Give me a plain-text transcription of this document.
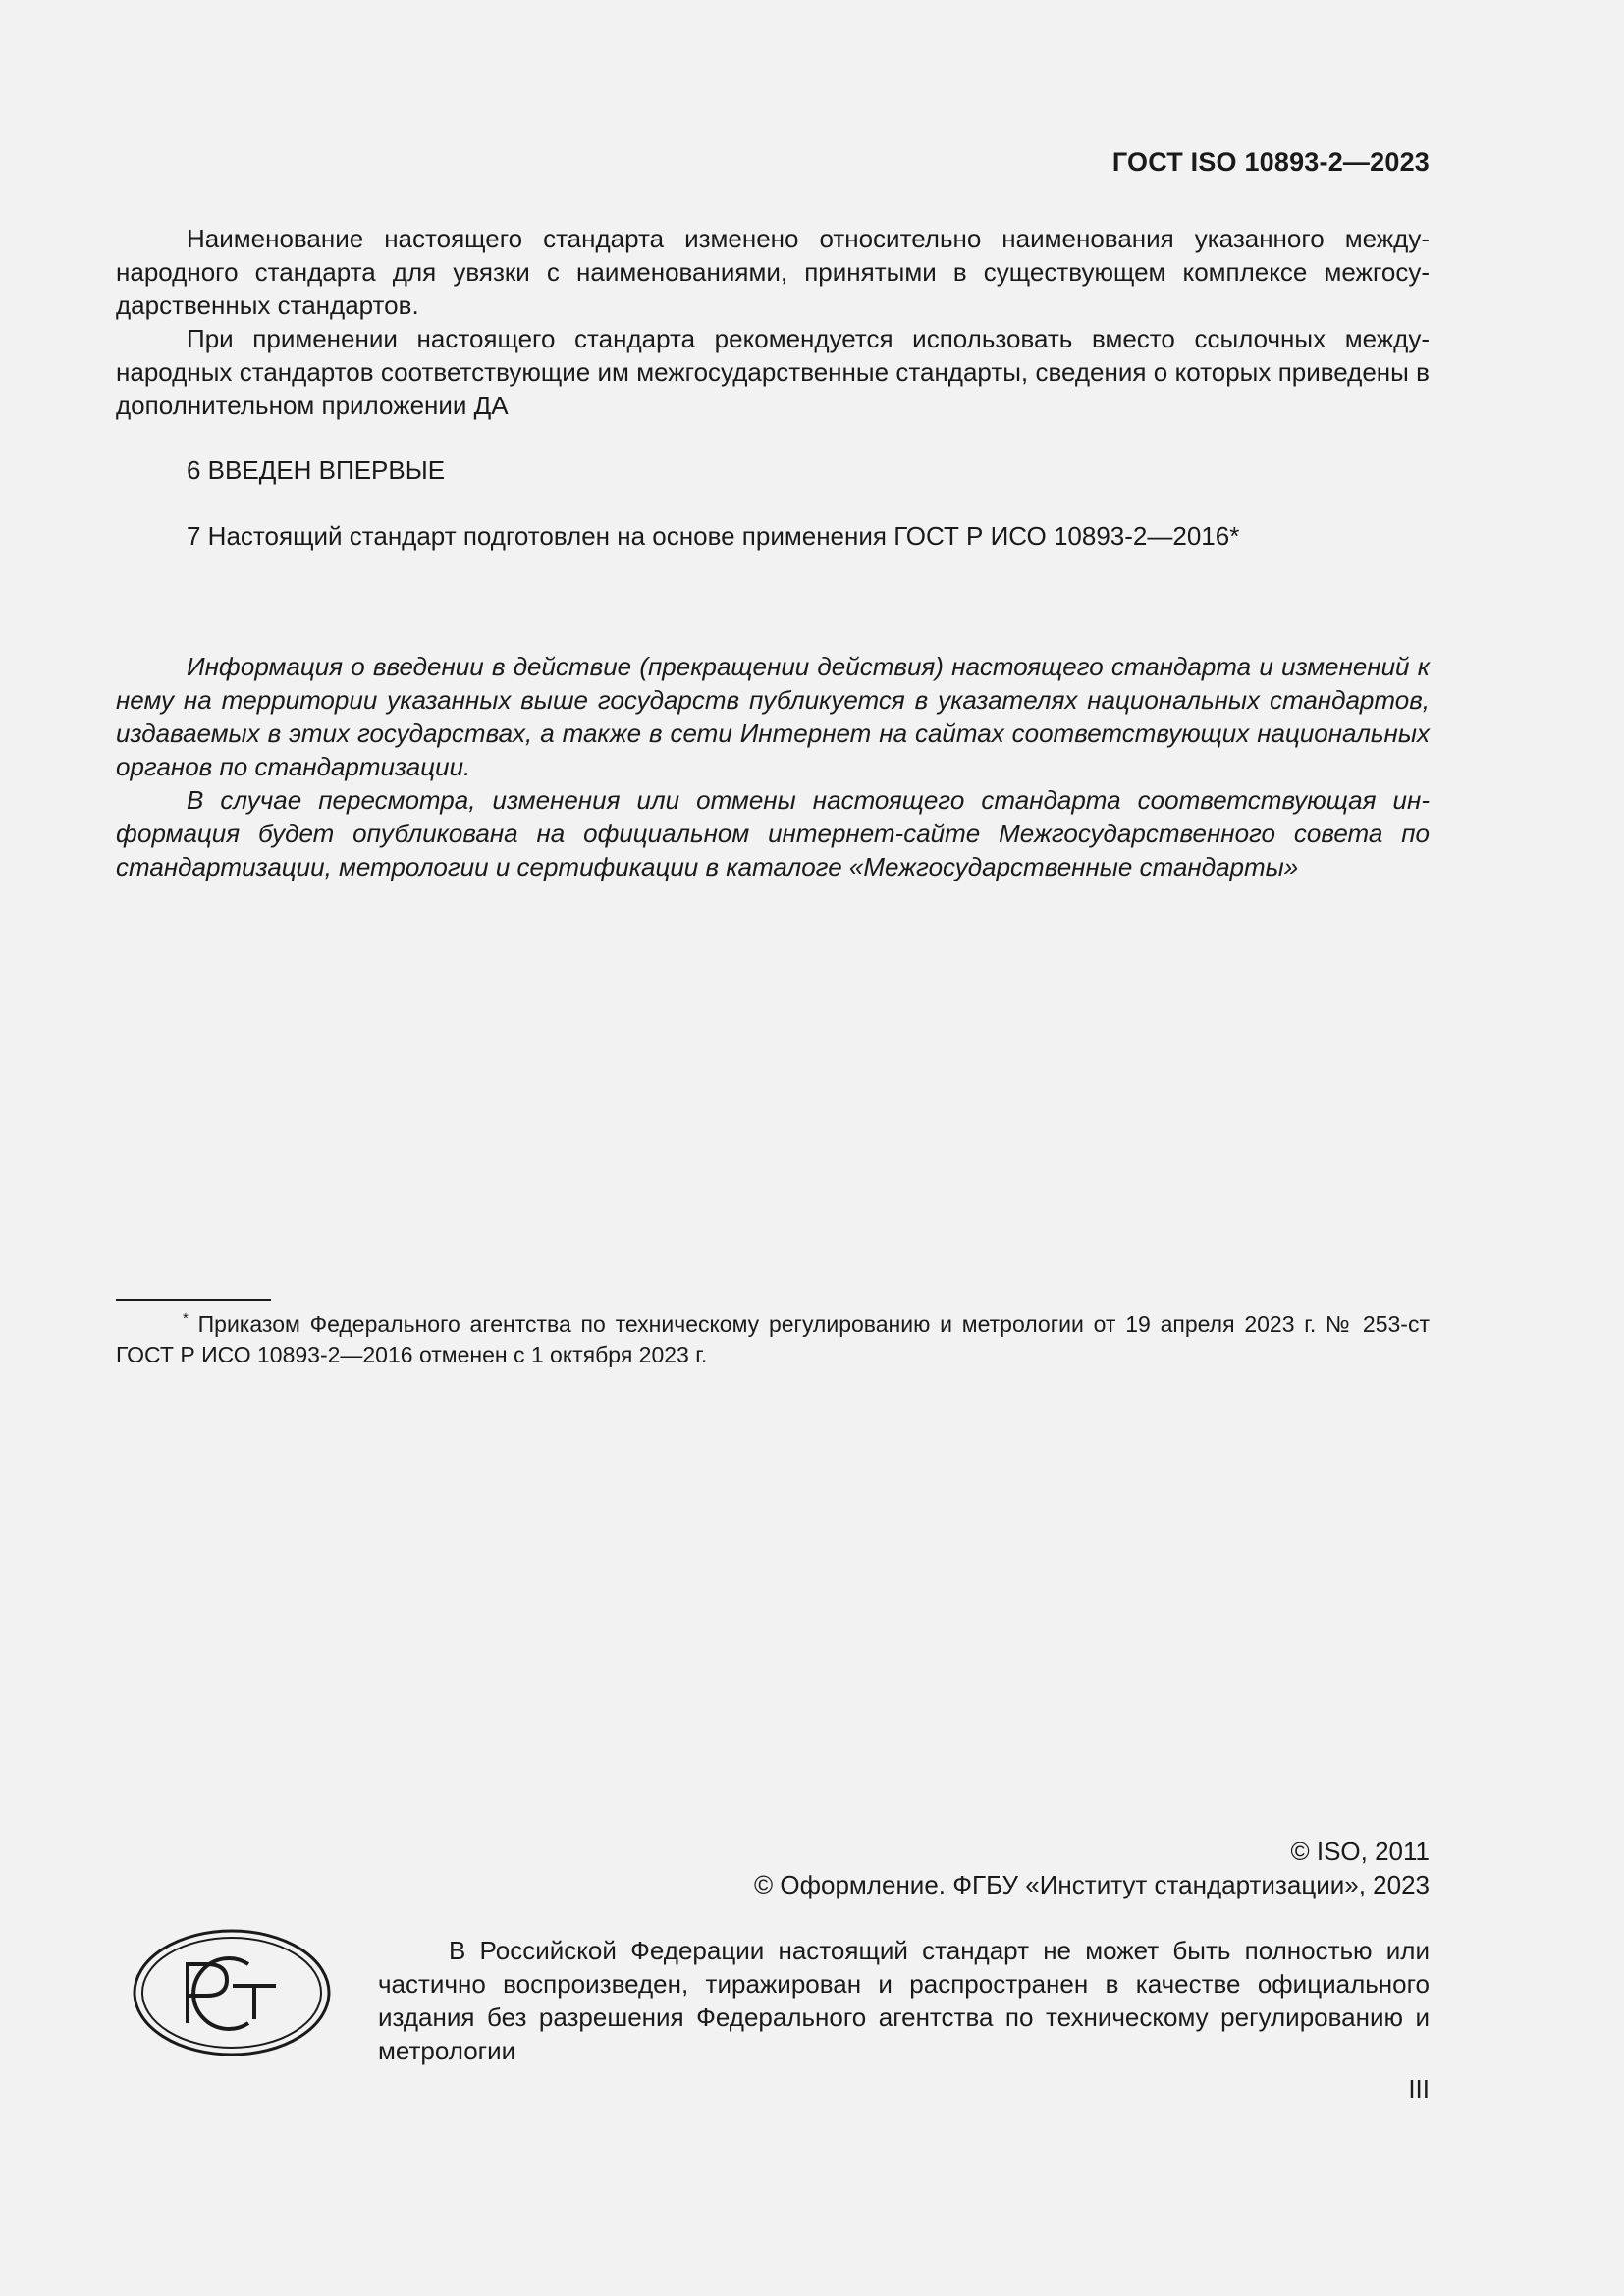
ГОСТ ISO 10893-2—2023

Наименование настоящего стандарта изменено относительно наименования указанного международного стандарта для увязки с наименованиями, принятыми в существующем комплексе межгосударственных стандартов.

При применении настоящего стандарта рекомендуется использовать вместо ссылочных международных стандартов соответствующие им межгосударственные стандарты, сведения о которых приведены в дополнительном приложении ДА

6 ВВЕДЕН ВПЕРВЫЕ

7 Настоящий стандарт подготовлен на основе применения ГОСТ Р ИСО 10893-2—2016*

Информация о введении в действие (прекращении действия) настоящего стандарта и изменений к нему на территории указанных выше государств публикуется в указателях национальных стандартов, издаваемых в этих государствах, а также в сети Интернет на сайтах соответствующих национальных органов по стандартизации.

В случае пересмотра, изменения или отмены настоящего стандарта соответствующая информация будет опубликована на официальном интернет-сайте Межгосударственного совета по стандартизации, метрологии и сертификации в каталоге «Межгосударственные стандарты»

* Приказом Федерального агентства по техническому регулированию и метрологии от 19 апреля 2023 г. № 253-ст ГОСТ Р ИСО 10893-2—2016 отменен с 1 октября 2023 г.
© ISO, 2011
© Оформление. ФГБУ «Институт стандартизации», 2023
В Российской Федерации настоящий стандарт не может быть полностью или частично воспроизведен, тиражирован и распространен в качестве официального издания без разрешения Федерального агентства по техническому регулированию и метрологии
III
